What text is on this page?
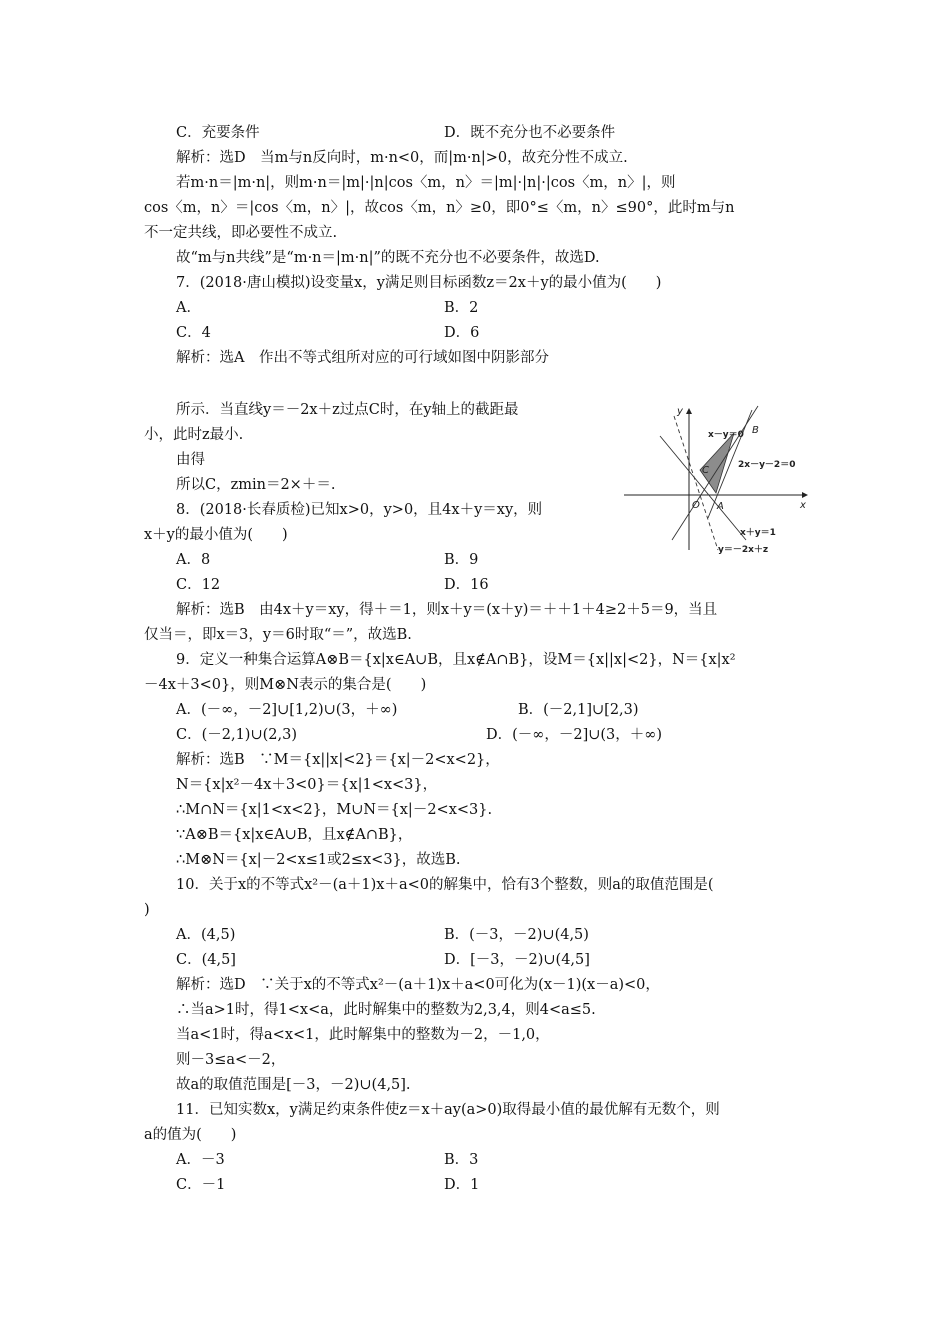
C．充要条件	D．既不充分也不必要条件
解析：选D　当m与n反向时，m·n<0，而|m·n|>0，故充分性不成立.
若m·n＝|m·n|，则m·n＝|m|·|n|cos〈m，n〉＝|m|·|n|·|cos〈m，n〉|，则
cos〈m，n〉＝|cos〈m，n〉|，故cos〈m，n〉≥0，即0°≤〈m，n〉≤90°，此时m与n
不一定共线，即必要性不成立.
故“m与n共线”是“m·n＝|m·n|”的既不充分也不必要条件，故选D.
7．(2018·唐山模拟)设变量x，y满足则目标函数z＝2x＋y的最小值为(　　)
A．	B．2
C．4	D．6
解析：选A　作出不等式组所对应的可行域如图中阴影部分
所示．当直线y＝－2x＋z过点C时，在y轴上的截距最
小，此时z最小.
由得
所以C，zmin＝2×＋＝.
8．(2018·长春质检)已知x>0，y>0，且4x＋y＝xy，则
x＋y的最小值为(　　)
A．8	B．9
C．12	D．16
解析：选B　由4x＋y＝xy，得＋＝1，则x＋y＝(x＋y)＝＋＋1＋4≥2＋5＝9，当且
仅当＝，即x＝3，y＝6时取“＝”，故选B.
9．定义一种集合运算A⊗B＝{x|x∈A∪B，且x∉A∩B}，设M＝{x||x|<2}，N＝{x|x²
－4x＋3<0}，则M⊗N表示的集合是(　　)
A．(－∞，－2]∪[1,2)∪(3，＋∞)	B．(－2,1]∪[2,3)
C．(－2,1)∪(2,3)	D．(－∞，－2]∪(3，＋∞)
解析：选B　∵M＝{x||x|<2}＝{x|－2<x<2}，
N＝{x|x²－4x＋3<0}＝{x|1<x<3}，
∴M∩N＝{x|1<x<2}，M∪N＝{x|－2<x<3}.
∵A⊗B＝{x|x∈A∪B，且x∉A∩B}，
∴M⊗N＝{x|－2<x≤1或2≤x<3}，故选B.
10．关于x的不等式x²－(a＋1)x＋a<0的解集中，恰有3个整数，则a的取值范围是(
)
A．(4,5)	B．(－3，－2)∪(4,5)
C．(4,5]	D．[－3，－2)∪(4,5]
解析：选D　∵关于x的不等式x²－(a＋1)x＋a<0可化为(x－1)(x－a)<0，
∴当a>1时，得1<x<a，此时解集中的整数为2,3,4，则4<a≤5.
当a<1时，得a<x<1，此时解集中的整数为－2，－1,0，
则－3≤a<－2，
故a的取值范围是[－3，－2)∪(4,5].
11．已知实数x，y满足约束条件使z＝x＋ay(a>0)取得最小值的最优解有无数个，则
a的值为(　　)
A．－3	B．3
C．－1	D．1
y
x
O A
B
C
x－y＝0
2x－y－2＝0
x＋y＝1
y＝－2x＋z
